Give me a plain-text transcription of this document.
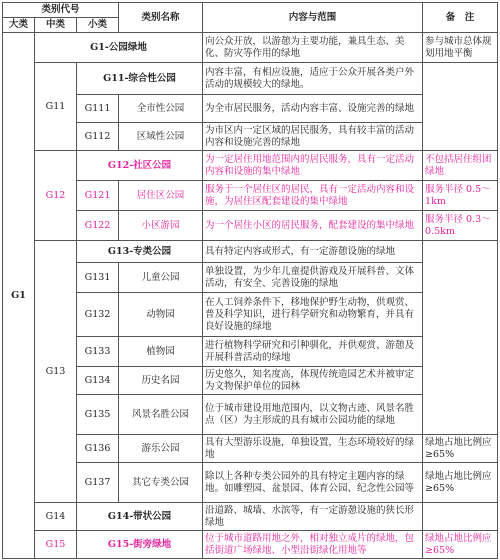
类别代号			类别名称	内容与范围	备　注
大类	中类	小类			
G1	G1-公园绿地			向公众开放，以游憩为主要功能，兼具生态、美化、防灾等作用的绿地	参与城市总体规划用地平衡
	G11	G11-综合性公园		内容丰富，有相应设施，适应于公众开展各类户外活动的规模较大的绿地。	
		G111	全市性公园	为全市居民服务，活动内容丰富、设施完善的绿地	
		G112	区域性公园	为市区内一定区域的居民服务，具有较丰富的活动内容和设施完善的绿地	
	G12	G12-社区公园		为一定居住用地范围内的居民服务，具有一定活动内容和设施的集中绿地	不包括居住组团绿地
		G121	居住区公园	服务于一个居住区的居民，具有一定活动内容和设施，为居住区配套建设的集中绿地	服务半径 0.5～1km
		G122	小区游园	为一个居住小区的居民服务，配套建设的集中绿地	服务半径 0.3～0.5km
	G13	G13-专类公园		具有特定内容或形式，有一定游憩设施的绿地	
		G131	儿童公园	单独设置，为少年儿童提供游戏及开展科普、文体活动，有安全、完善设施的绿地	
		G132	动物园	在人工饲养条件下，移地保护野生动物，供观赏、普及科学知识，进行科学研究和动物繁育，并具有良好设施的绿地	
		G133	植物园	进行植物科学研究和引种驯化，并供观赏、游憩及开展科普活动的绿地	
		G134	历史名园	历史悠久，知名度高，体现传统造园艺术并被审定为文物保护单位的园林	
		G135	风景名胜公园	位于城市建设用地范围内，以文物古迹、风景名胜点（区）为主形成的具有城市公园功能的绿地	
		G136	游乐公园	具有大型游乐设施，单独设置，生态环境较好的绿地	绿地占地比例应≥65%
		G137	其它专类公园	除以上各种专类公园外的具有特定主题内容的绿地。如雕塑园、盆景园、体育公园、纪念性公园等	绿地占地比例应≥65%
	G14	G14-带状公园		沿道路、城墙、水滨等，有一定游憩设施的狭长形绿地	
	G15	G15-街旁绿地		位于城市道路用地之外，相对独立成片的绿地，包括街道广场绿地、小型沿街绿化用地等	绿地占地比例应≥65%
